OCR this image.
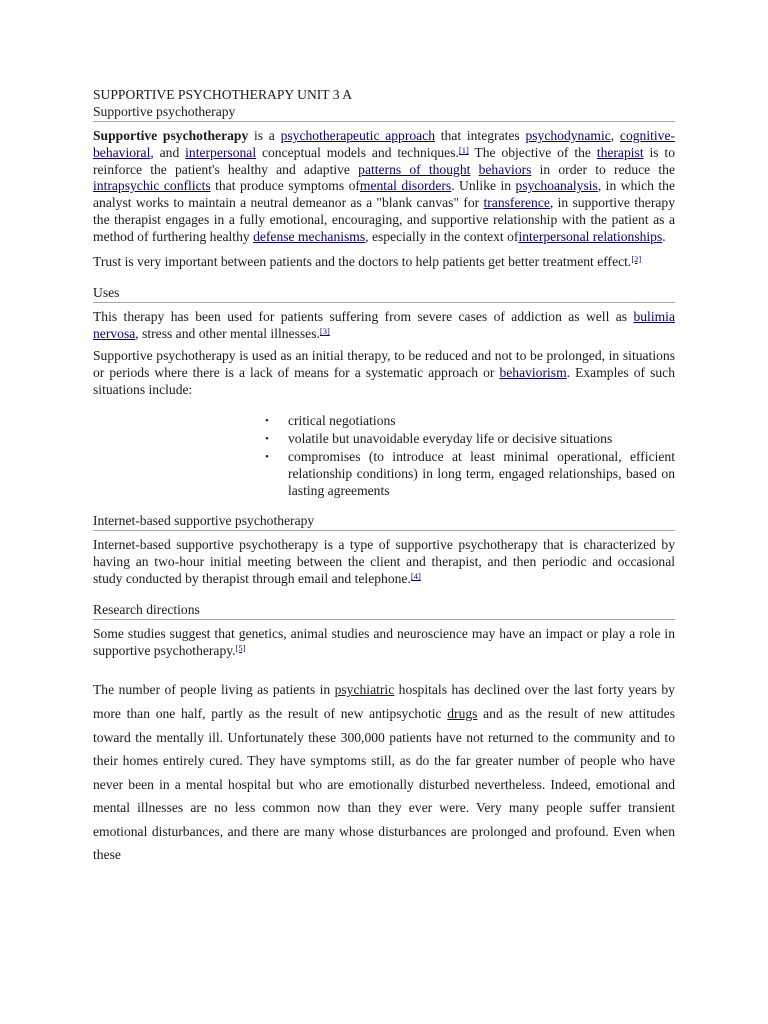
SUPPORTIVE PSYCHOTHERAPY UNIT 3 A
Supportive psychotherapy

Supportive psychotherapy is a psychotherapeutic approach that integrates psychodynamic, cognitive-behavioral, and interpersonal conceptual models and techniques.[1] The objective of the therapist is to reinforce the patient's healthy and adaptive patterns of thought behaviors in order to reduce the intrapsychic conflicts that produce symptoms ofmental disorders. Unlike in psychoanalysis, in which the analyst works to maintain a neutral demeanor as a "blank canvas" for transference, in supportive therapy the therapist engages in a fully emotional, encouraging, and supportive relationship with the patient as a method of furthering healthy defense mechanisms, especially in the context ofinterpersonal relationships.

Trust is very important between patients and the doctors to help patients get better treatment effect.[2]

Uses

This therapy has been used for patients suffering from severe cases of addiction as well as bulimia nervosa, stress and other mental illnesses.[3]

Supportive psychotherapy is used as an initial therapy, to be reduced and not to be prolonged, in situations or periods where there is a lack of means for a systematic approach or behaviorism. Examples of such situations include:

• critical negotiations
• volatile but unavoidable everyday life or decisive situations
• compromises (to introduce at least minimal operational, efficient relationship conditions) in long term, engaged relationships, based on lasting agreements
Internet-based supportive psychotherapy

Internet-based supportive psychotherapy is a type of supportive psychotherapy that is characterized by having an two-hour initial meeting between the client and therapist, and then periodic and occasional study conducted by therapist through email and telephone.[4]

Research directions

Some studies suggest that genetics, animal studies and neuroscience may have an impact or play a role in supportive psychotherapy.[5]

The number of people living as patients in psychiatric hospitals has declined over the last forty years by more than one half, partly as the result of new antipsychotic drugs and as the result of new attitudes toward the mentally ill. Unfortunately these 300,000 patients have not returned to the community and to their homes entirely cured. They have symptoms still, as do the far greater number of people who have never been in a mental hospital but who are emotionally disturbed nevertheless. Indeed, emotional and mental illnesses are no less common now than they ever were. Very many people suffer transient emotional disturbances, and there are many whose disturbances are prolonged and profound. Even when these
